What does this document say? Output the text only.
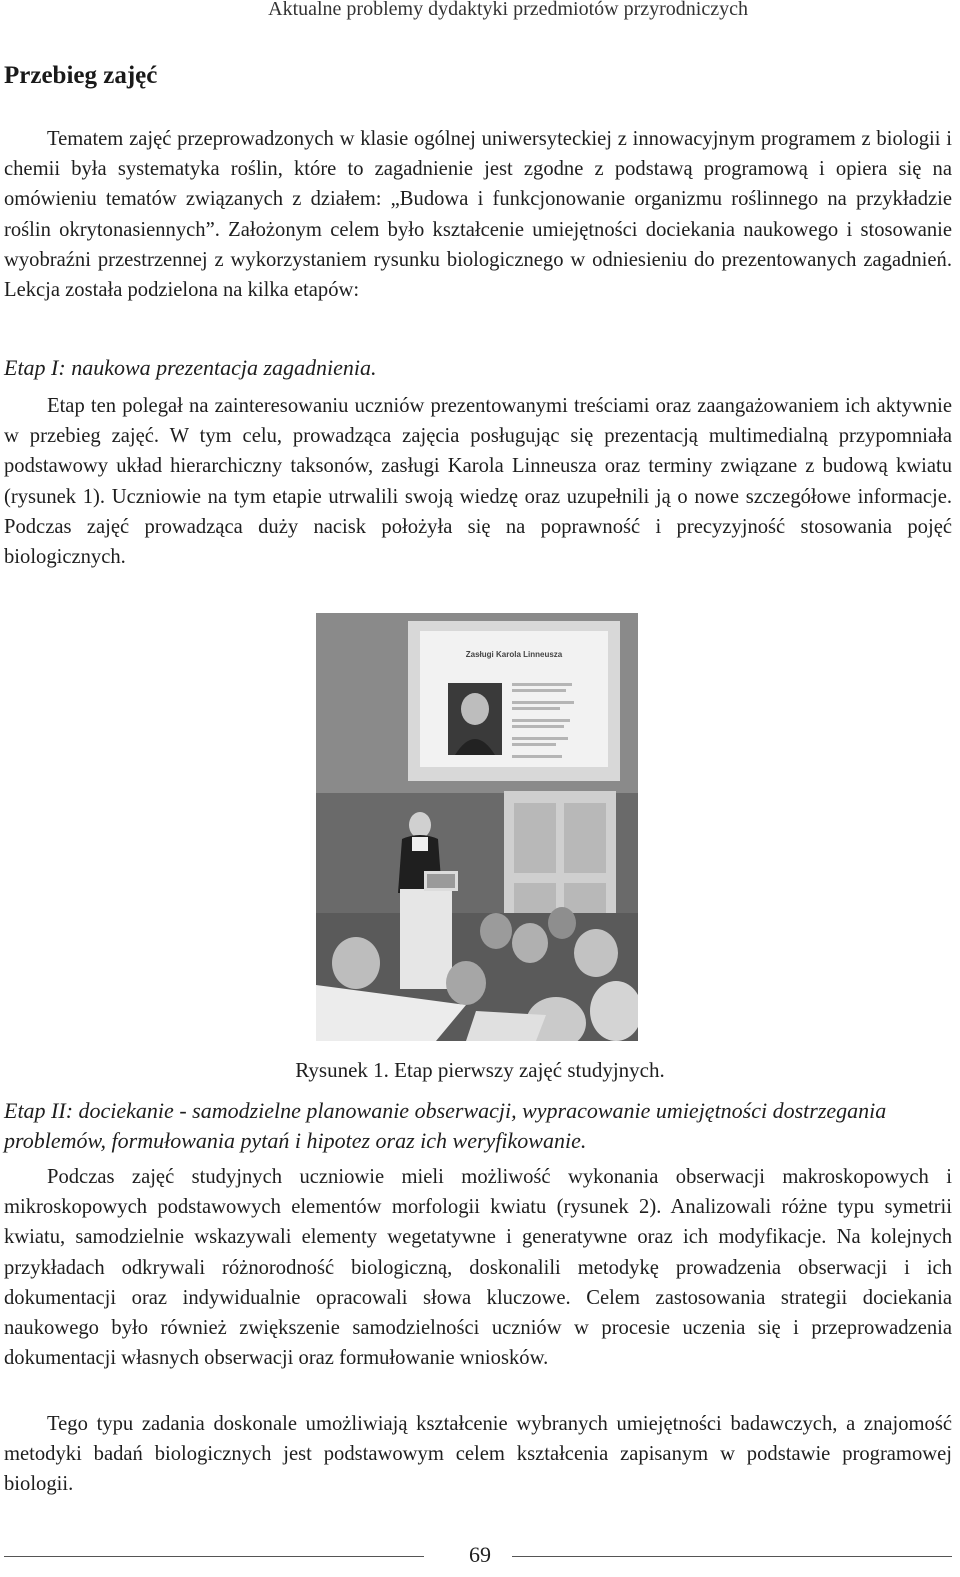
Aktualne problemy dydaktyki przedmiotów przyrodniczych
Przebieg zajęć

Tematem zajęć przeprowadzonych w klasie ogólnej uniwersyteckiej z innowacyjnym programem z biologii i chemii była systematyka roślin, które to zagadnienie jest zgodne z podstawą programową i opiera się na omówieniu tematów związanych z działem: „Budowa i funkcjonowanie organizmu roślinnego na przykładzie roślin okrytonasiennych”. Założonym celem było kształcenie umiejętności dociekania naukowego i stosowanie wyobraźni przestrzennej z wykorzystaniem rysunku biologicznego w odniesieniu do prezentowanych zagadnień. Lekcja została podzielona na kilka etapów:

Etap I: naukowa prezentacja zagadnienia.

Etap ten polegał na zainteresowaniu uczniów prezentowanymi treściami oraz zaangażowaniem ich aktywnie w przebieg zajęć. W tym celu, prowadząca zajęcia posługując się prezentacją multimedialną przypomniała podstawowy układ hierarchiczny taksonów, zasługi Karola Linneusza oraz terminy związane z budową kwiatu (rysunek 1). Uczniowie na tym etapie utrwalili swoją wiedzę oraz uzupełnili ją o nowe szczegółowe informacje. Podczas zajęć prowadząca duży nacisk położyła się na poprawność i precyzyjność stosowania pojęć biologicznych.

Zasługi Karola Linneusza

Rysunek 1. Etap pierwszy zajęć studyjnych.

Etap II: dociekanie - samodzielne planowanie obserwacji, wypracowanie umiejętności dostrzegania problemów, formułowania pytań i hipotez oraz ich weryfikowanie.

Podczas zajęć studyjnych uczniowie mieli możliwość wykonania obserwacji makroskopowych i mikroskopowych podstawowych elementów morfologii kwiatu (rysunek 2). Analizowali różne typu symetrii kwiatu, samodzielnie wskazywali elementy wegetatywne i generatywne oraz ich modyfikacje. Na kolejnych przykładach odkrywali różnorodność biologiczną, doskonalili metodykę prowadzenia obserwacji i ich dokumentacji oraz indywidualnie opracowali słowa kluczowe. Celem zastosowania strategii dociekania naukowego było również zwiększenie samodzielności uczniów w procesie uczenia się i przeprowadzenia dokumentacji własnych obserwacji oraz formułowanie wniosków.

Tego typu zadania doskonale umożliwiają kształcenie wybranych umiejętności badawczych, a znajomość metodyki badań biologicznych jest podstawowym celem kształcenia zapisanym w podstawie programowej biologii.

69
